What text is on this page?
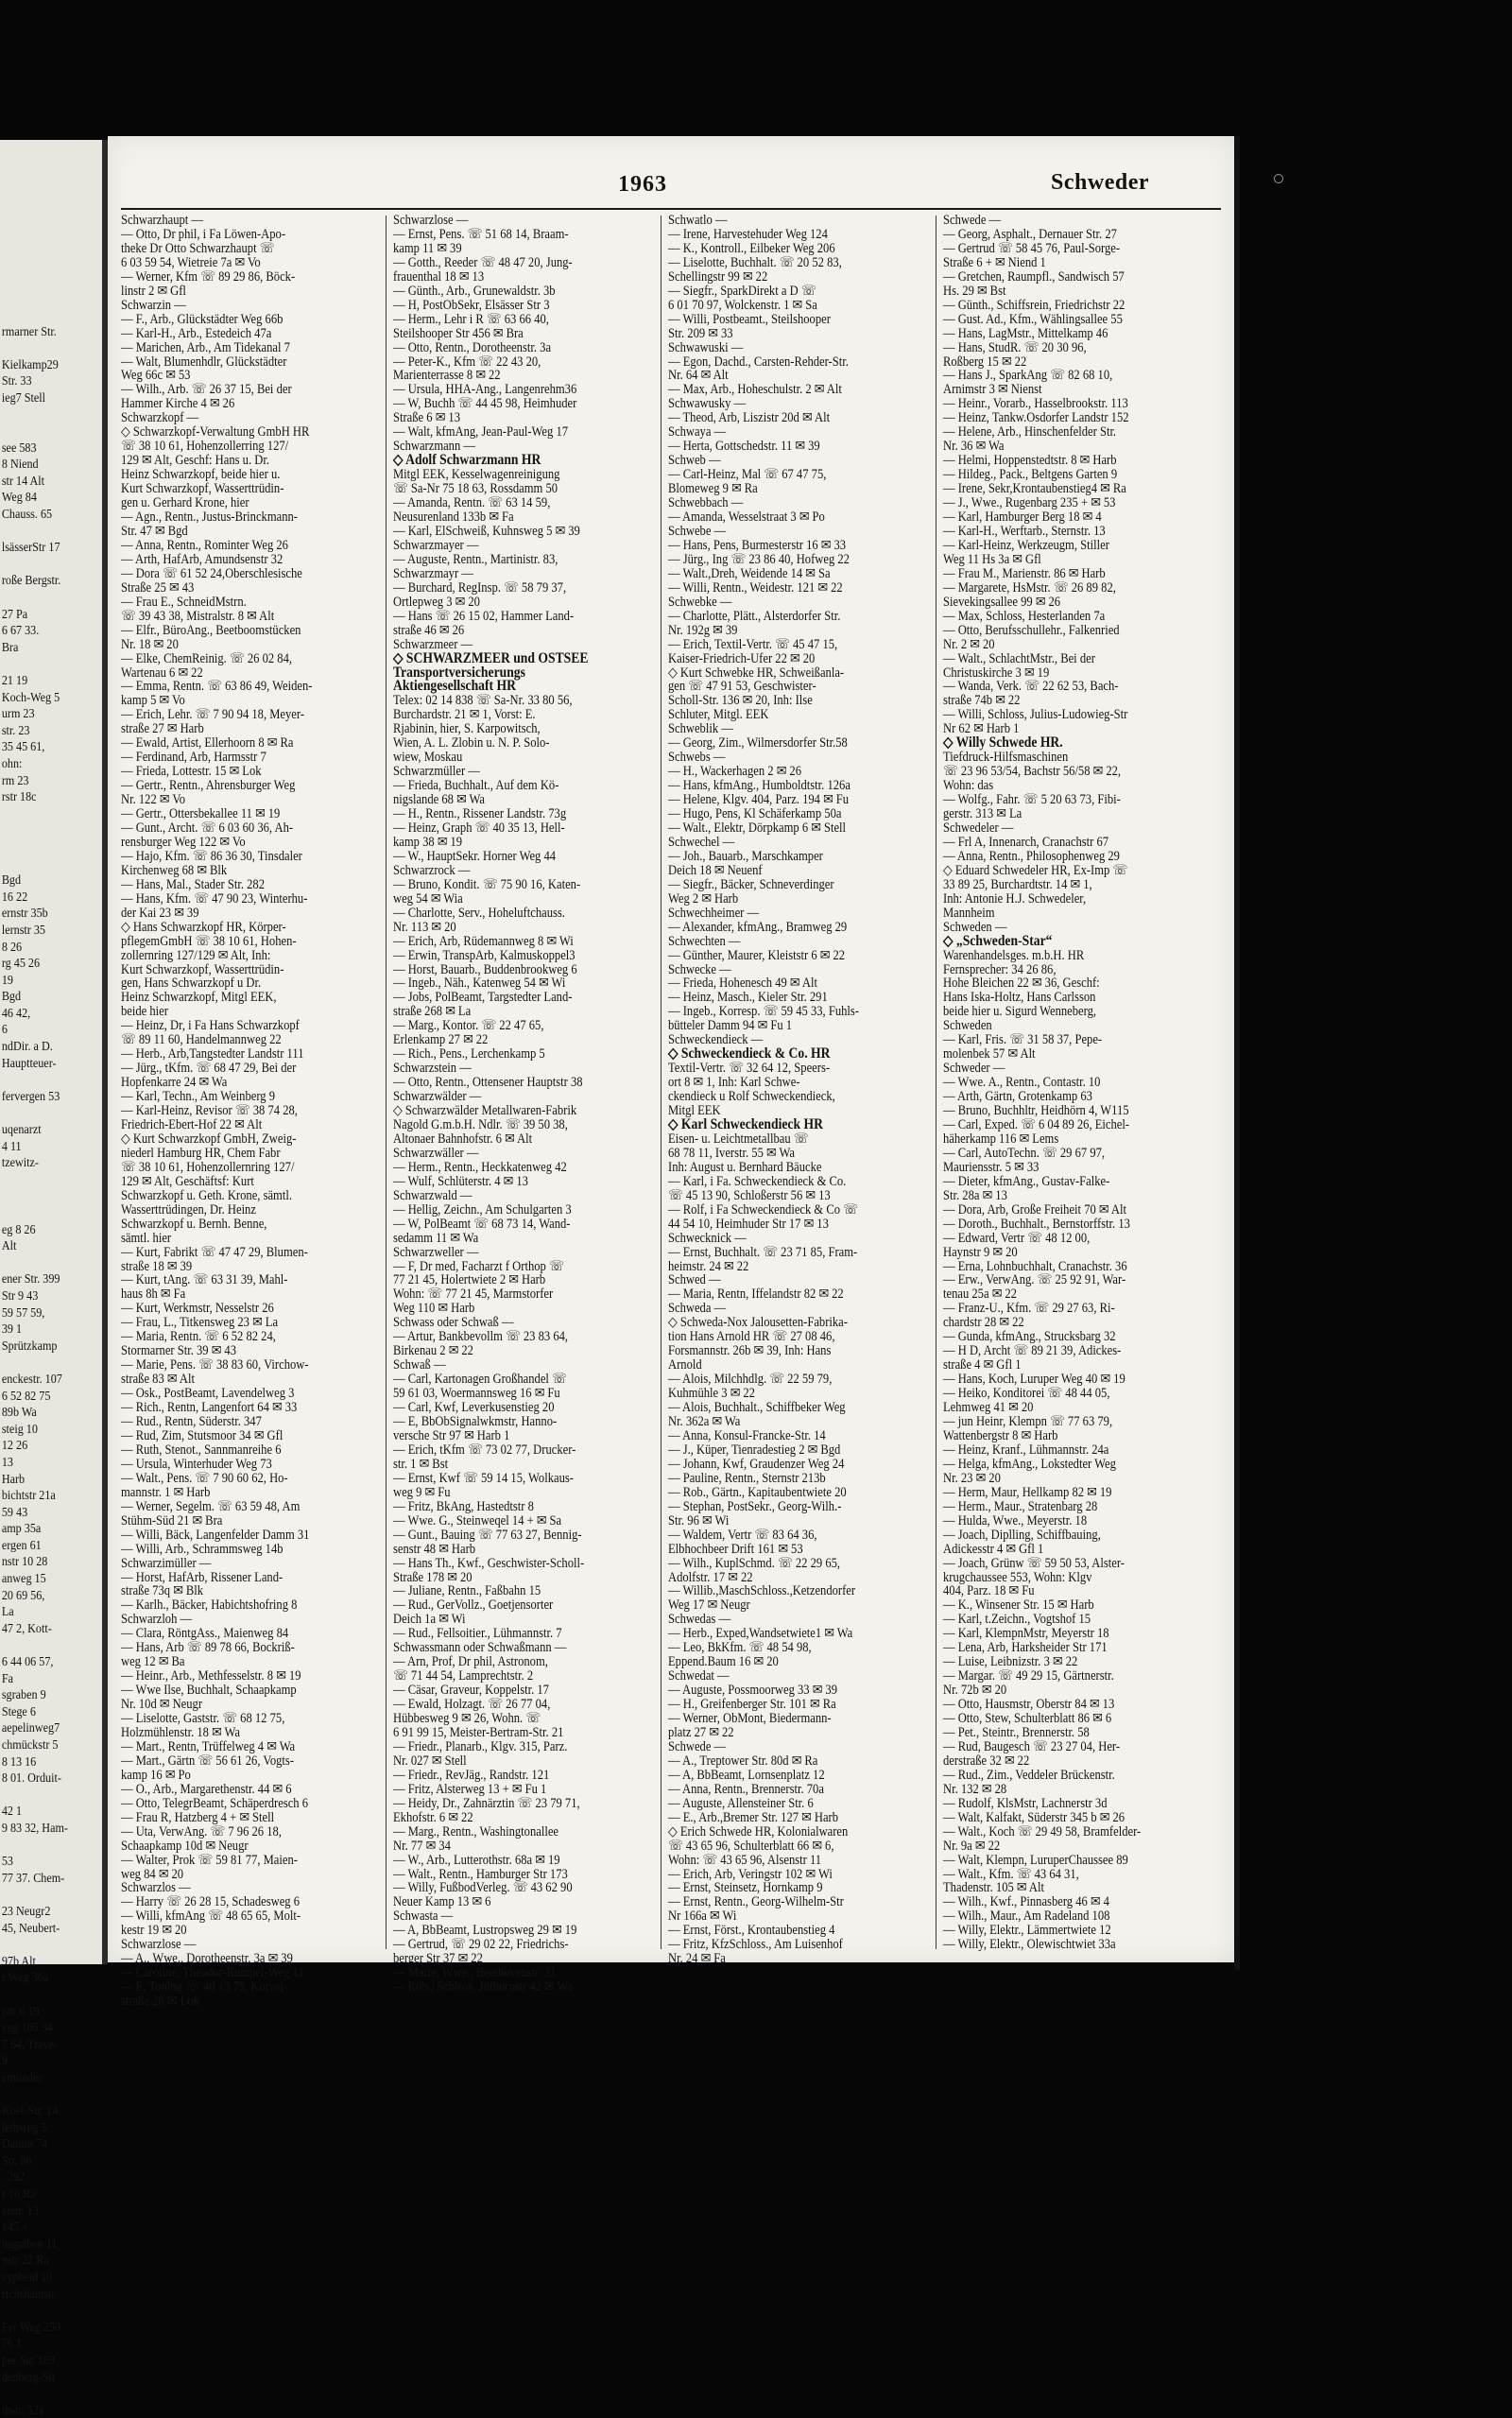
rmarner Str.

Kielkamp29
Str. 33
ieg7 Stell

see 583
8 Niend
str 14 Alt
Weg 84
Chauss. 65

lsässerStr 17

roße Bergstr.

27 Pa
6 67 33.
Bra

21 19
Koch-Weg 5
urm 23
str. 23
35 45 61,
ohn:
rm 23
rstr 18c

Bgd
16 22
ernstr 35b
lernstr 35
8 26
rg 45 26
19
Bgd
46 42,
6
ndDir. a D.
Hauptteuer-

fervergen 53

uqenarzt
4 11
tzewitz-

eg 8 26
Alt

ener Str. 399
Str 9 43
59 57 59,
39 1
Sprützkamp

enckestr. 107
6 52 82 75
89b Wa
steig 10
12 26
13
Harb
bichtstr 21a
59 43
amp 35a
ergen 61
nstr 10 28
anweg 15
20 69 56,
La
47 2, Kott-

6 44 06 57,
Fa
sgraben 9
Stege 6
aepelinweg7
chmückstr 5
8 13 16
8 01. Orduit-

42 1
9 83 32, Ham-

53
77 37. Chem-

23 Neugr2
45, Neubert-

97b Alt
r Weg 36a

tstr 6 19
veg 105 34
7 64, Trave-
9
emünder

Koel-Str. 14
lethweg 5
Damm 74
Str. 86
. 292
r 16 Ra
erstr. 13
145 +
nsgraben 11
nstr 22 Ra
eypheid 10
richshainstr.

Fer Weg 250
76 1
per Str. 169
denberg-Str

thstr. 52a
1963	Schweder
Schwarzhaupt —
— Otto, Dr phil, i Fa Löwen-Apo-
theke Dr Otto Schwarzhaupt ☏
6 03 59 54, Wietreie 7a ✉ Vo
— Werner, Kfm ☏ 89 29 86, Böck-
linstr 2 ✉ Gfl
Schwarzin —
— F., Arb., Glückstädter Weg 66b
— Karl-H., Arb., Estedeich 47a
— Marichen, Arb., Am Tidekanal 7
— Walt, Blumenhdlr, Glückstädter
Weg 66c ✉ 53
— Wilh., Arb. ☏ 26 37 15, Bei der
Hammer Kirche 4 ✉ 26
Schwarzkopf —
◇ Schwarzkopf-Verwaltung GmbH HR
☏ 38 10 61, Hohenzollerring 127/
129 ✉ Alt, Geschf: Hans u. Dr.
Heinz Schwarzkopf, beide hier u.
Kurt Schwarzkopf, Wasserttrüdin-
gen u. Gerhard Krone, hier
— Agn., Rentn., Justus-Brinckmann-
Str. 47 ✉ Bgd
— Anna, Rentn., Rominter Weg 26
— Arth, HafArb, Amundsenstr 32
— Dora ☏ 61 52 24,Oberschlesische
Straße 25 ✉ 43
— Frau E., SchneidMstrn.
☏ 39 43 38, Mistralstr. 8 ✉ Alt
— Elfr., BüroAng., Beetboomstücken
Nr. 18 ✉ 20
— Elke, ChemReinig. ☏ 26 02 84,
Wartenau 6 ✉ 22
— Emma, Rentn. ☏ 63 86 49, Weiden-
kamp 5 ✉ Vo
— Erich, Lehr. ☏ 7 90 94 18, Meyer-
straße 27 ✉ Harb
— Ewald, Artist, Ellerhoorn 8 ✉ Ra
— Ferdinand, Arb, Harmsstr 7
— Frieda, Lottestr. 15 ✉ Lok
— Gertr., Rentn., Ahrensburger Weg
Nr. 122 ✉ Vo
— Gertr., Ottersbekallee 11 ✉ 19
— Gunt., Archt. ☏ 6 03 60 36, Ah-
rensburger Weg 122 ✉ Vo
— Hajo, Kfm. ☏ 86 36 30, Tinsdaler
Kirchenweg 68 ✉ Blk
— Hans, Mal., Stader Str. 282
— Hans, Kfm. ☏ 47 90 23, Winterhu-
der Kai 23 ✉ 39
◇ Hans Schwarzkopf HR, Körper-
pflegemGmbH ☏ 38 10 61, Hohen-
zollernring 127/129 ✉ Alt, Inh:
Kurt Schwarzkopf, Wasserttrüdin-
gen, Hans Schwarzkopf u Dr.
Heinz Schwarzkopf, Mitgl EEK,
beide hier
— Heinz, Dr, i Fa Hans Schwarzkopf
☏ 89 11 60, Handelmannweg 22
— Herb., Arb,Tangstedter Landstr 111
— Jürg., tKfm. ☏ 68 47 29, Bei der
Hopfenkarre 24 ✉ Wa
— Karl, Techn., Am Weinberg 9
— Karl-Heinz, Revisor ☏ 38 74 28,
Friedrich-Ebert-Hof 22 ✉ Alt
◇ Kurt Schwarzkopf GmbH, Zweig-
niederl Hamburg HR, Chem Fabr
☏ 38 10 61, Hohenzollernring 127/
129 ✉ Alt, Geschäftsf: Kurt
Schwarzkopf u. Geth. Krone, sämtl.
Wasserttrüdingen, Dr. Heinz
Schwarzkopf u. Bernh. Benne,
sämtl. hier
— Kurt, Fabrikt ☏ 47 47 29, Blumen-
straße 18 ✉ 39
— Kurt, tAng. ☏ 63 31 39, Mahl-
haus 8h ✉ Fa
— Kurt, Werkmstr, Nesselstr 26
— Frau, L., Titkensweg 23 ✉ La
— Maria, Rentn. ☏ 6 52 82 24,
Stormarner Str. 39 ✉ 43
— Marie, Pens. ☏ 38 83 60, Virchow-
straße 83 ✉ Alt
— Osk., PostBeamt, Lavendelweg 3
— Rich., Rentn, Langenfort 64 ✉ 33
— Rud., Rentn, Süderstr. 347
— Rud, Zim, Stutsmoor 34 ✉ Gfl
— Ruth, Stenot., Sannmanreihe 6
— Ursula, Winterhuder Weg 73
— Walt., Pens. ☏ 7 90 60 62, Ho-
mannstr. 1 ✉ Harb
— Werner, Segelm. ☏ 63 59 48, Am
Stühm-Süd 21 ✉ Bra
— Willi, Bäck, Langenfelder Damm 31
— Willi, Arb., Schrammsweg 14b
Schwarzimüller —
— Horst, HafArb, Rissener Land-
straße 73q ✉ Blk
— Karlh., Bäcker, Habichtshofring 8
Schwarzloh —
— Clara, RöntgAss., Maienweg 84
— Hans, Arb ☏ 89 78 66, Bockriß-
weg 12 ✉ Ba
— Heinr., Arb., Methfesselstr. 8 ✉ 19
— Wwe Ilse, Buchhalt, Schaapkamp
Nr. 10d ✉ Neugr
— Liselotte, Gaststr. ☏ 68 12 75,
Holzmühlenstr. 18 ✉ Wa
— Mart., Rentn, Trüffelweg 4 ✉ Wa
— Mart., Gärtn ☏ 56 61 26, Vogts-
kamp 16 ✉ Po
— O., Arb., Margarethenstr. 44 ✉ 6
— Otto, TelegrBeamt, Schäperdresch 6
— Frau R, Hatzberg 4 + ✉ Stell
— Uta, VerwAng. ☏ 7 96 26 18,
Schaapkamp 10d ✉ Neugr
— Walter, Prok ☏ 59 81 77, Maien-
weg 84 ✉ 20
Schwarzlos —
— Harry ☏ 26 28 15, Schadesweg 6
— Willi, kfmAng ☏ 48 65 65, Molt-
kestr 19 ✉ 20
Schwarzlose —
— A., Wwe., Dorotheenstr. 3a ✉ 39
— Caroline, Theodor-Rumpel-Weg 11
— E, Tonlng ☏ 48 13 75, Korvei-
straße 26 ✉ Lok
Schwarzlose —
— Ernst, Pens. ☏ 51 68 14, Braam-
kamp 11 ✉ 39
— Gotth., Reeder ☏ 48 47 20, Jung-
frauenthal 18 ✉ 13
— Günth., Arb., Grunewaldstr. 3b
— H, PostObSekr, Elsässer Str 3
— Herm., Lehr i R ☏ 63 66 40,
Steilshooper Str 456 ✉ Bra
— Otto, Rentn., Dorotheenstr. 3a
— Peter-K., Kfm ☏ 22 43 20,
Marienterrasse 8 ✉ 22
— Ursula, HHA-Ang., Langenrehm36
— W, Buchh ☏ 44 45 98, Heimhuder
Straße 6 ✉ 13
— Walt, kfmAng, Jean-Paul-Weg 17
Schwarzmann —
◇ Adolf Schwarzmann HR
Mitgl EEK, Kesselwagenreinigung
☏ Sa-Nr 75 18 63, Rossdamm 50
— Amanda, Rentn. ☏ 63 14 59,
Neusurenland 133b ✉ Fa
— Karl, ElSchweiß, Kuhnsweg 5 ✉ 39
Schwarzmayer —
— Auguste, Rentn., Martinistr. 83,
Schwarzmayr —
— Burchard, RegInsp. ☏ 58 79 37,
Ortlepweg 3 ✉ 20
— Hans ☏ 26 15 02, Hammer Land-
straße 46 ✉ 26
Schwarzmeer —
◇ SCHWARZMEER und OSTSEE
Transportversicherungs
Aktiengesellschaft HR
Telex: 02 14 838 ☏ Sa-Nr. 33 80 56,
Burchardstr. 21 ✉ 1, Vorst: E.
Rjabinin, hier, S. Karpowitsch,
Wien, A. L. Zlobin u. N. P. Solo-
wiew, Moskau
Schwarzmüller —
— Frieda, Buchhalt., Auf dem Kö-
nigslande 68 ✉ Wa
— H., Rentn., Rissener Landstr. 73g
— Heinz, Graph ☏ 40 35 13, Hell-
kamp 38 ✉ 19
— W., HauptSekr. Horner Weg 44
Schwarzrock —
— Bruno, Kondit. ☏ 75 90 16, Katen-
weg 54 ✉ Wia
— Charlotte, Serv., Hoheluftchauss.
Nr. 113 ✉ 20
— Erich, Arb, Rüdemannweg 8 ✉ Wi
— Erwin, TranspArb, Kalmuskoppel3
— Horst, Bauarb., Buddenbrookweg 6
— Ingeb., Näh., Katenweg 54 ✉ Wi
— Jobs, PolBeamt, Targstedter Land-
straße 268 ✉ La
— Marg., Kontor. ☏ 22 47 65,
Erlenkamp 27 ✉ 22
— Rich., Pens., Lerchenkamp 5
Schwarzstein —
— Otto, Rentn., Ottensener Hauptstr 38
Schwarzwälder —
◇ Schwarzwälder Metallwaren-Fabrik
Nagold G.m.b.H. Ndlr. ☏ 39 50 38,
Altonaer Bahnhofstr. 6 ✉ Alt
Schwarzwäller —
— Herm., Rentn., Heckkatenweg 42
— Wulf, Schlüterstr. 4 ✉ 13
Schwarzwald —
— Hellig, Zeichn., Am Schulgarten 3
— W, PolBeamt ☏ 68 73 14, Wand-
sedamm 11 ✉ Wa
Schwarzweller —
— F, Dr med, Facharzt f Orthop ☏
77 21 45, Holertwiete 2 ✉ Harb
Wohn: ☏ 77 21 45, Marmstorfer
Weg 110 ✉ Harb
Schwass oder Schwaß —
— Artur, Bankbevollm ☏ 23 83 64,
Birkenau 2 ✉ 22
Schwaß —
— Carl, Kartonagen Großhandel ☏
59 61 03, Woermannsweg 16 ✉ Fu
— Carl, Kwf, Leverkusenstieg 20
— E, BbObSignalwkmstr, Hanno-
versche Str 97 ✉ Harb 1
— Erich, tKfm ☏ 73 02 77, Drucker-
str. 1 ✉ Bst
— Ernst, Kwf ☏ 59 14 15, Wolkaus-
weg 9 ✉ Fu
— Fritz, BkAng, Hastedtstr 8
— Wwe. G., Steinweqel 14 + ✉ Sa
— Gunt., Bauing ☏ 77 63 27, Bennig-
senstr 48 ✉ Harb
— Hans Th., Kwf., Geschwister-Scholl-
Straße 178 ✉ 20
— Juliane, Rentn., Faßbahn 15
— Rud., GerVollz., Goetjensorter
Deich 1a ✉ Wi
— Rud., Fellsoitier., Lühmannstr. 7
Schwassmann oder Schwaßmann —
— Arn, Prof, Dr phil, Astronom,
☏ 71 44 54, Lamprechtstr. 2
— Cäsar, Graveur, Koppelstr. 17
— Ewald, Holzagt. ☏ 26 77 04,
Hübbesweg 9 ✉ 26, Wohn. ☏
6 91 99 15, Meister-Bertram-Str. 21
— Friedr., Planarb., Klgv. 315, Parz.
Nr. 027 ✉ Stell
— Friedr., RevJäg., Randstr. 121
— Fritz, Alsterweg 13 + ✉ Fu 1
— Heidy, Dr., Zahnärztin ☏ 23 79 71,
Ekhofstr. 6 ✉ 22
— Marg., Rentn., Washingtonallee
Nr. 77 ✉ 34
— W., Arb., Lutterothstr. 68a ✉ 19
— Walt., Rentn., Hamburger Str 173
— Willy, FußbodVerleg. ☏ 43 62 90
Neuer Kamp 13 ✉ 6
Schwasta —
— A, BbBeamt, Lustropsweg 29 ✉ 19
— Gertrud, ☏ 29 02 22, Friedrichs-
berger Str 37 ✉ 22
— Marie, Wwe., Beethovenstr. 31
— Rob., Schloss, Jüthornstr 42 ✉ Wa
Schwatlo —
— Irene, Harvestehuder Weg 124
— K., Kontroll., Eilbeker Weg 206
— Liselotte, Buchhalt. ☏ 20 52 83,
Schellingstr 99 ✉ 22
— Siegfr., SparkDirekt a D ☏
6 01 70 97, Wolckenstr. 1 ✉ Sa
— Willi, Postbeamt., Steilshooper
Str. 209 ✉ 33
Schwawuski —
— Egon, Dachd., Carsten-Rehder-Str.
Nr. 64 ✉ Alt
— Max, Arb., Hoheschulstr. 2 ✉ Alt
Schwawusky —
— Theod, Arb, Liszistr 20d ✉ Alt
Schwaya —
— Herta, Gottschedstr. 11 ✉ 39
Schweb —
— Carl-Heinz, Mal ☏ 67 47 75,
Blomeweg 9 ✉ Ra
Schwebbach —
— Amanda, Wesselstraat 3 ✉ Po
Schwebe —
— Hans, Pens, Burmesterstr 16 ✉ 33
— Jürg., Ing ☏ 23 86 40, Hofweg 22
— Walt.,Dreh, Weidende 14 ✉ Sa
— Willi, Rentn., Weidestr. 121 ✉ 22
Schwebke —
— Charlotte, Plätt., Alsterdorfer Str.
Nr. 192g ✉ 39
— Erich, Textil-Vertr. ☏ 45 47 15,
Kaiser-Friedrich-Ufer 22 ✉ 20
◇ Kurt Schwebke HR, Schweißanla-
gen ☏ 47 91 53, Geschwister-
Scholl-Str. 136 ✉ 20, Inh: Ilse
Schluter, Mitgl. EEK
Schweblik —
— Georg, Zim., Wilmersdorfer Str.58
Schwebs —
— H., Wackerhagen 2 ✉ 26
— Hans, kfmAng., Humboldtstr. 126a
— Helene, Klgv. 404, Parz. 194 ✉ Fu
— Hugo, Pens, Kl Schäferkamp 50a
— Walt., Elektr, Dörpkamp 6 ✉ Stell
Schwechel —
— Joh., Bauarb., Marschkamper
Deich 18 ✉ Neuenf
— Siegfr., Bäcker, Schneverdinger
Weg 2 ✉ Harb
Schwechheimer —
— Alexander, kfmAng., Bramweg 29
Schwechten —
— Günther, Maurer, Kleiststr 6 ✉ 22
Schwecke —
— Frieda, Hohenesch 49 ✉ Alt
— Heinz, Masch., Kieler Str. 291
— Ingeb., Korresp. ☏ 59 45 33, Fuhls-
bütteler Damm 94 ✉ Fu 1
Schweckendieck —
◇ Schweckendieck & Co. HR
Textil-Vertr. ☏ 32 64 12, Speers-
ort 8 ✉ 1, Inh: Karl Schwe-
ckendieck u Rolf Schweckendieck,
Mitgl EEK
◇ Karl Schweckendieck HR
Eisen- u. Leichtmetallbau ☏
68 78 11, Iverstr. 55 ✉ Wa
Inh: August u. Bernhard Bäucke
— Karl, i Fa. Schweckendieck & Co.
☏ 45 13 90, Schloßerstr 56 ✉ 13
— Rolf, i Fa Schweckendieck & Co ☏
44 54 10, Heimhuder Str 17 ✉ 13
Schwecknick —
— Ernst, Buchhalt. ☏ 23 71 85, Fram-
heimstr. 24 ✉ 22
Schwed —
— Maria, Rentn, Iffelandstr 82 ✉ 22
Schweda —
◇ Schweda-Nox Jalousetten-Fabrika-
tion Hans Arnold HR ☏ 27 08 46,
Forsmannstr. 26b ✉ 39, Inh: Hans
Arnold
— Alois, Milchhdlg. ☏ 22 59 79,
Kuhmühle 3 ✉ 22
— Alois, Buchhalt., Schiffbeker Weg
Nr. 362a ✉ Wa
— Anna, Konsul-Francke-Str. 14
— J., Küper, Tienradestieg 2 ✉ Bgd
— Johann, Kwf, Graudenzer Weg 24
— Pauline, Rentn., Sternstr 213b
— Rob., Gärtn., Kapitaubentwiete 20
— Stephan, PostSekr., Georg-Wilh.-
Str. 96 ✉ Wi
— Waldem, Vertr ☏ 83 64 36,
Elbhochbeer Drift 161 ✉ 53
— Wilh., KuplSchmd. ☏ 22 29 65,
Adolfstr. 17 ✉ 22
— Willib.,MaschSchloss.,Ketzendorfer
Weg 17 ✉ Neugr
Schwedas —
— Herb., Exped,Wandsetwiete1 ✉ Wa
— Leo, BkKfm. ☏ 48 54 98,
Eppend.Baum 16 ✉ 20
Schwedat —
— Auguste, Possmoorweg 33 ✉ 39
— H., Greifenberger Str. 101 ✉ Ra
— Werner, ObMont, Biedermann-
platz 27 ✉ 22
Schwede —
— A., Treptower Str. 80d ✉ Ra
— A, BbBeamt, Lornsenplatz 12
— Anna, Rentn., Brennerstr. 70a
— Auguste, Allensteiner Str. 6
— E., Arb.,Bremer Str. 127 ✉ Harb
◇ Erich Schwede HR, Kolonialwaren
☏ 43 65 96, Schulterblatt 66 ✉ 6,
Wohn: ☏ 43 65 96, Alsenstr 11
— Erich, Arb, Veringstr 102 ✉ Wi
— Ernst, Steinsetz, Hornkamp 9
— Ernst, Rentn., Georg-Wilhelm-Str
Nr 166a ✉ Wi
— Ernst, Först., Krontaubenstieg 4
— Fritz, KfzSchloss., Am Luisenhof
Nr. 24 ✉ Fa
Schwede —
— Georg, Asphalt., Dernauer Str. 27
— Gertrud ☏ 58 45 76, Paul-Sorge-
Straße 6 + ✉ Niend 1
— Gretchen, Raumpfl., Sandwisch 57
Hs. 29 ✉ Bst
— Günth., Schiffsrein, Friedrichstr 22
— Gust. Ad., Kfm., Wählingsallee 55
— Hans, LagMstr., Mittelkamp 46
— Hans, StudR. ☏ 20 30 96,
Roßberg 15 ✉ 22
— Hans J., SparkAng ☏ 82 68 10,
Arnimstr 3 ✉ Nienst
— Heinr., Vorarb., Hasselbrookstr. 113
— Heinz, Tankw.Osdorfer Landstr 152
— Helene, Arb., Hinschenfelder Str.
Nr. 36 ✉ Wa
— Helmi, Hoppenstedtstr. 8 ✉ Harb
— Hildeg., Pack., Beltgens Garten 9
— Irene, Sekr,Krontaubenstieg4 ✉ Ra
— J., Wwe., Rugenbarg 235 + ✉ 53
— Karl, Hamburger Berg 18 ✉ 4
— Karl-H., Werftarb., Sternstr. 13
— Karl-Heinz, Werkzeugm, Stiller
Weg 11 Hs 3a ✉ Gfl
— Frau M., Marienstr. 86 ✉ Harb
— Margarete, HsMstr. ☏ 26 89 82,
Sievekingsallee 99 ✉ 26
— Max, Schloss, Hesterlanden 7a
— Otto, Berufsschullehr., Falkenried
Nr. 2 ✉ 20
— Walt., SchlachtMstr., Bei der
Christuskirche 3 ✉ 19
— Wanda, Verk. ☏ 22 62 53, Bach-
straße 74b ✉ 22
— Willi, Schloss, Julius-Ludowieg-Str
Nr 62 ✉ Harb 1
◇ Willy Schwede HR.
Tiefdruck-Hilfsmaschinen
☏ 23 96 53/54, Bachstr 56/58 ✉ 22,
Wohn: das
— Wolfg., Fahr. ☏ 5 20 63 73, Fibi-
gerstr. 313 ✉ La
Schwedeler —
— Frl A, Innenarch, Cranachstr 67
— Anna, Rentn., Philosophenweg 29
◇ Eduard Schwedeler HR, Ex-Imp ☏
33 89 25, Burchardtstr. 14 ✉ 1,
Inh: Antonie H.J. Schwedeler,
Mannheim
Schweden —
◇ „Schweden-Star“
Warenhandelsges. m.b.H. HR
Fernsprecher: 34 26 86,
Hohe Bleichen 22 ✉ 36, Geschf:
Hans Iska-Holtz, Hans Carlsson
beide hier u. Sigurd Wenneberg,
Schweden
— Karl, Fris. ☏ 31 58 37, Pepe-
molenbek 57 ✉ Alt
Schweder —
— Wwe. A., Rentn., Contastr. 10
— Arth, Gärtn, Grotenkamp 63
— Bruno, Buchhltr, Heidhörn 4, W115
— Carl, Exped. ☏ 6 04 89 26, Eichel-
häherkamp 116 ✉ Lems
— Carl, AutoTechn. ☏ 29 67 97,
Mauriensstr. 5 ✉ 33
— Dieter, kfmAng., Gustav-Falke-
Str. 28a ✉ 13
— Dora, Arb, Große Freiheit 70 ✉ Alt
— Doroth., Buchhalt., Bernstorffstr. 13
— Edward, Vertr ☏ 48 12 00,
Haynstr 9 ✉ 20
— Erna, Lohnbuchhalt, Cranachstr. 36
— Erw., VerwAng. ☏ 25 92 91, War-
tenau 25a ✉ 22
— Franz-U., Kfm. ☏ 29 27 63, Ri-
chardstr 28 ✉ 22
— Gunda, kfmAng., Strucksbarg 32
— H D, Archt ☏ 89 21 39, Adickes-
straße 4 ✉ Gfl 1
— Hans, Koch, Luruper Weg 40 ✉ 19
— Heiko, Konditorei ☏ 48 44 05,
Lehmweg 41 ✉ 20
— jun Heinr, Klempn ☏ 77 63 79,
Wattenbergstr 8 ✉ Harb
— Heinz, Kranf., Lühmannstr. 24a
— Helga, kfmAng., Lokstedter Weg
Nr. 23 ✉ 20
— Herm, Maur, Hellkamp 82 ✉ 19
— Herm., Maur., Stratenbarg 28
— Hulda, Wwe., Meyerstr. 18
— Joach, Diplling, Schiffbauing,
Adickesstr 4 ✉ Gfl 1
— Joach, Grünw ☏ 59 50 53, Alster-
krugchaussee 553, Wohn: Klgv
404, Parz. 18 ✉ Fu
— K., Winsener Str. 15 ✉ Harb
— Karl, t.Zeichn., Vogtshof 15
— Karl, KlempnMstr, Meyerstr 18
— Lena, Arb, Harksheider Str 171
— Luise, Leibnizstr. 3 ✉ 22
— Margar. ☏ 49 29 15, Gärtnerstr.
Nr. 72b ✉ 20
— Otto, Hausmstr, Oberstr 84 ✉ 13
— Otto, Stew, Schulterblatt 86 ✉ 6
— Pet., Steintr., Brennerstr. 58
— Rud, Baugesch ☏ 23 27 04, Her-
derstraße 32 ✉ 22
— Rud., Zim., Veddeler Brückenstr.
Nr. 132 ✉ 28
— Rudolf, KlsMstr, Lachnerstr 3d
— Walt, Kalfakt, Süderstr 345 b ✉ 26
— Walt., Koch ☏ 29 49 58, Bramfelder-
Nr. 9a ✉ 22
— Walt, Klempn, LuruperChaussee 89
— Walt., Kfm. ☏ 43 64 31,
Thadenstr. 105 ✉ Alt
— Wilh., Kwf., Pinnasberg 46 ✉ 4
— Wilh., Maur., Am Radeland 108
— Willy, Elektr., Lämmertwiete 12
— Willy, Elektr., Olewischtwiet 33a
